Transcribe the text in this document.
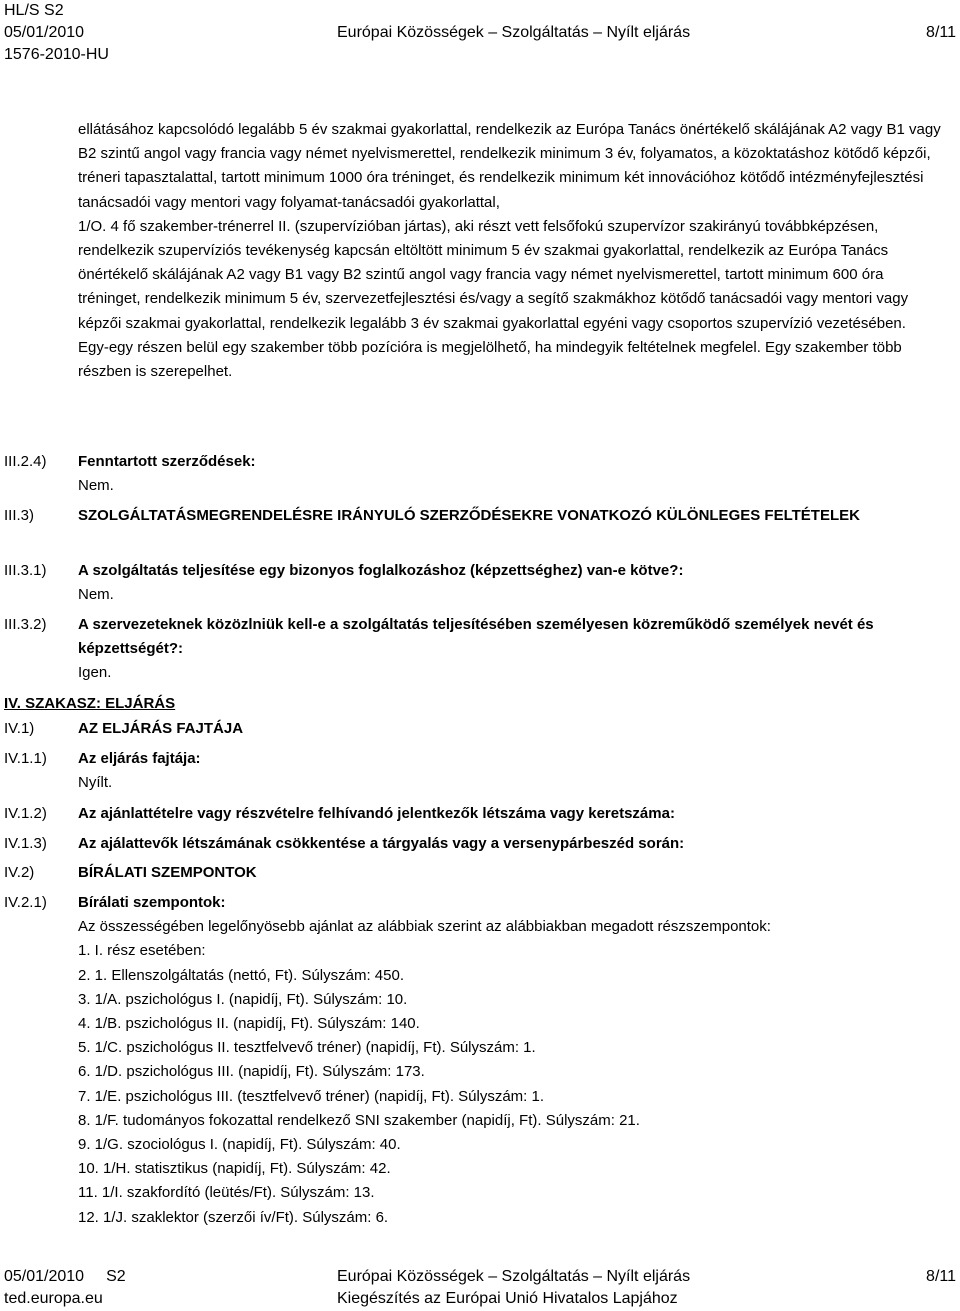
HL/S S2
05/01/2010	Európai Közösségek – Szolgáltatás – Nyílt eljárás	8/11
1576-2010-HU

ellátásához kapcsolódó legalább 5 év szakmai gyakorlattal, rendelkezik az Európa Tanács önértékelő skálájának A2 vagy B1 vagy B2 szintű angol vagy francia vagy német nyelvismerettel, rendelkezik minimum 3 év, folyamatos, a közoktatáshoz kötődő képzői, tréneri tapasztalattal, tartott minimum 1000 óra tréninget, és rendelkezik minimum két innovációhoz kötődő intézményfejlesztési tanácsadói vagy mentori vagy folyamat-tanácsadói gyakorlattal,

1/O. 4 fő szakember-trénerrel II. (szupervízióban jártas), aki részt vett felsőfokú szupervízor szakirányú továbbképzésen, rendelkezik szupervíziós tevékenység kapcsán eltöltött minimum 5 év szakmai gyakorlattal, rendelkezik az Európa Tanács önértékelő skálájának A2 vagy B1 vagy B2 szintű angol vagy francia vagy német nyelvismerettel, tartott minimum 600 óra tréninget, rendelkezik minimum 5 év, szervezetfejlesztési és/vagy a segítő szakmákhoz kötődő tanácsadói vagy mentori vagy képzői szakmai gyakorlattal, rendelkezik legalább 3 év szakmai gyakorlattal egyéni vagy csoportos szupervízió vezetésében.

Egy-egy részen belül egy szakember több pozícióra is megjelölhető, ha mindegyik feltételnek megfelel. Egy szakember több részben is szerepelhet.

III.2.4) Fenntartott szerződések:

Nem.

III.3)	SZOLGÁLTATÁSMEGRENDELÉSRE IRÁNYULÓ SZERZŐDÉSEKRE VONATKOZÓ KÜLÖNLEGES FELTÉTELEK

III.3.1) A szolgáltatás teljesítése egy bizonyos foglalkozáshoz (képzettséghez) van-e kötve?:

Nem.

III.3.2) A szervezeteknek közözlniük kell-e a szolgáltatás teljesítésében személyesen közreműködő személyek nevét és képzettségét?:

Igen.

IV. SZAKASZ: ELJÁRÁS
IV.1)	AZ ELJÁRÁS FAJTÁJA

IV.1.1) Az eljárás fajtája:

Nyílt.

IV.1.2) Az ajánlattételre vagy részvételre felhívandó jelentkezők létszáma vagy keretszáma:

IV.1.3) Az ajálattevők létszámának csökkentése a tárgyalás vagy a versenypárbeszéd során:

IV.2)	BÍRÁLATI SZEMPONTOK

IV.2.1) Bírálati szempontok:

Az összességében legelőnyösebb ajánlat az alábbiak szerint az alábbiakban megadott részszempontok:

1. I. rész esetében:

2. 1. Ellenszolgáltatás (nettó, Ft). Súlyszám: 450.

3. 1/A. pszichológus I. (napidíj, Ft). Súlyszám: 10.

4. 1/B. pszichológus II. (napidíj, Ft). Súlyszám: 140.

5. 1/C. pszichológus II. tesztfelvevő tréner) (napidíj, Ft). Súlyszám: 1.

6. 1/D. pszichológus III. (napidíj, Ft). Súlyszám: 173.

7. 1/E. pszichológus III. (tesztfelvevő tréner) (napidíj, Ft). Súlyszám: 1.

8. 1/F. tudományos fokozattal rendelkező SNI szakember (napidíj, Ft). Súlyszám: 21.

9. 1/G. szociológus I. (napidíj, Ft). Súlyszám: 40.

10. 1/H. statisztikus (napidíj, Ft). Súlyszám: 42.

11. 1/I. szakfordító (leütés/Ft). Súlyszám: 13.

12. 1/J. szaklektor (szerzői ív/Ft). Súlyszám: 6.

05/01/2010 S2	Európai Közösségek – Szolgáltatás – Nyílt eljárás	8/11
ted.europa.eu	Kiegészítés az Európai Unió Hivatalos Lapjához
